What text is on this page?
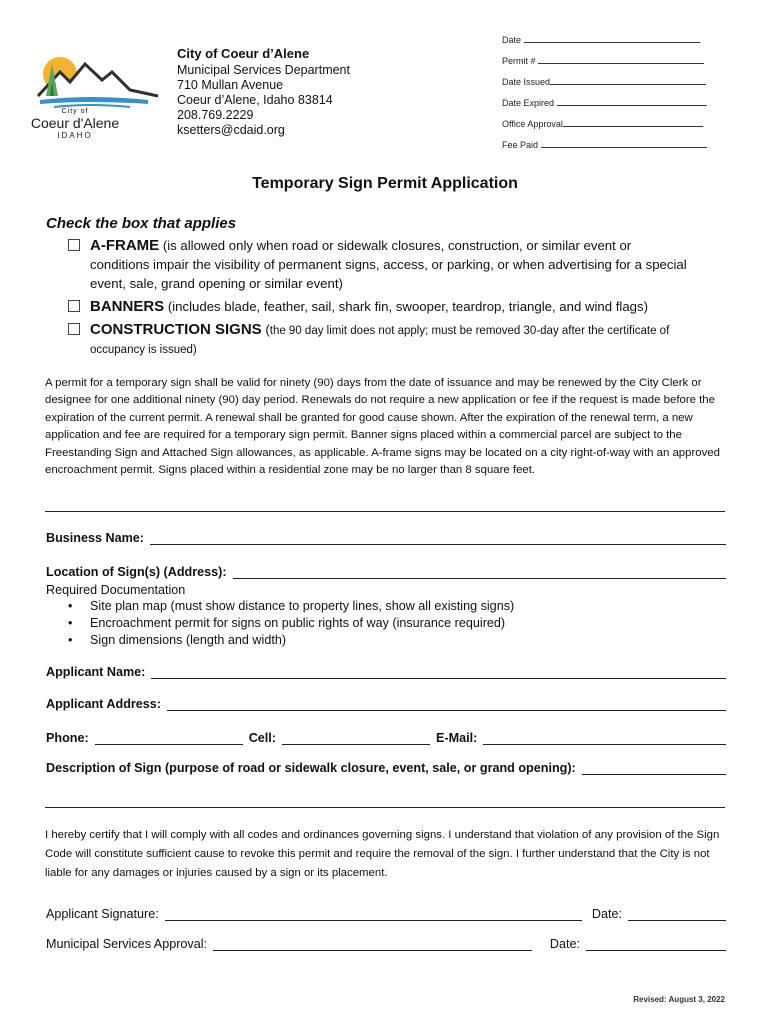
City of
Coeur d'Alene
IDAHO
City of Coeur d’Alene
Municipal Services Department
710 Mullan Avenue
Coeur d’Alene, Idaho 83814
208.769.2229
ksetters@cdaid.org
Date
Permit #
Date Issued
Date Expired
Office Approval
Fee Paid
Temporary Sign Permit Application
Check the box that applies
A-FRAME (is allowed only when road or sidewalk closures, construction, or similar event or
conditions impair the visibility of permanent signs, access, or parking, or when advertising for a special
event, sale, grand opening or similar event)
BANNERS (includes blade, feather, sail, shark fin, swooper, teardrop, triangle, and wind flags)
CONSTRUCTION SIGNS (the 90 day limit does not apply; must be removed 30-day after the certificate of
occupancy is issued)
A permit for a temporary sign shall be valid for ninety (90) days from the date of issuance and may be renewed by the City Clerk or designee for one additional ninety (90) day period. Renewals do not require a new application or fee if the request is made before the expiration of the current permit. A renewal shall be granted for good cause shown. After the expiration of the renewal term, a new application and fee are required for a temporary sign permit. Banner signs placed within a commercial parcel are subject to the Freestanding Sign and Attached Sign allowances, as applicable. A-frame signs may be located on a city right-of-way with an approved encroachment permit. Signs placed within a residential zone may be no larger than 8 square feet.
Business Name:
Location of Sign(s) (Address):
Required Documentation
• Site plan map (must show distance to property lines, show all existing signs)
• Encroachment permit for signs on public rights of way (insurance required)
• Sign dimensions (length and width)
Applicant Name:
Applicant Address:
Phone:	Cell:	E-Mail:
Description of Sign (purpose of road or sidewalk closure, event, sale, or grand opening):
I hereby certify that I will comply with all codes and ordinances governing signs. I understand that violation of any provision of the Sign Code will constitute sufficient cause to revoke this permit and require the removal of the sign. I further understand that the City is not liable for any damages or injuries caused by a sign or its placement.
Applicant Signature:	Date:
Municipal Services Approval:	Date:
Revised: August 3, 2022
